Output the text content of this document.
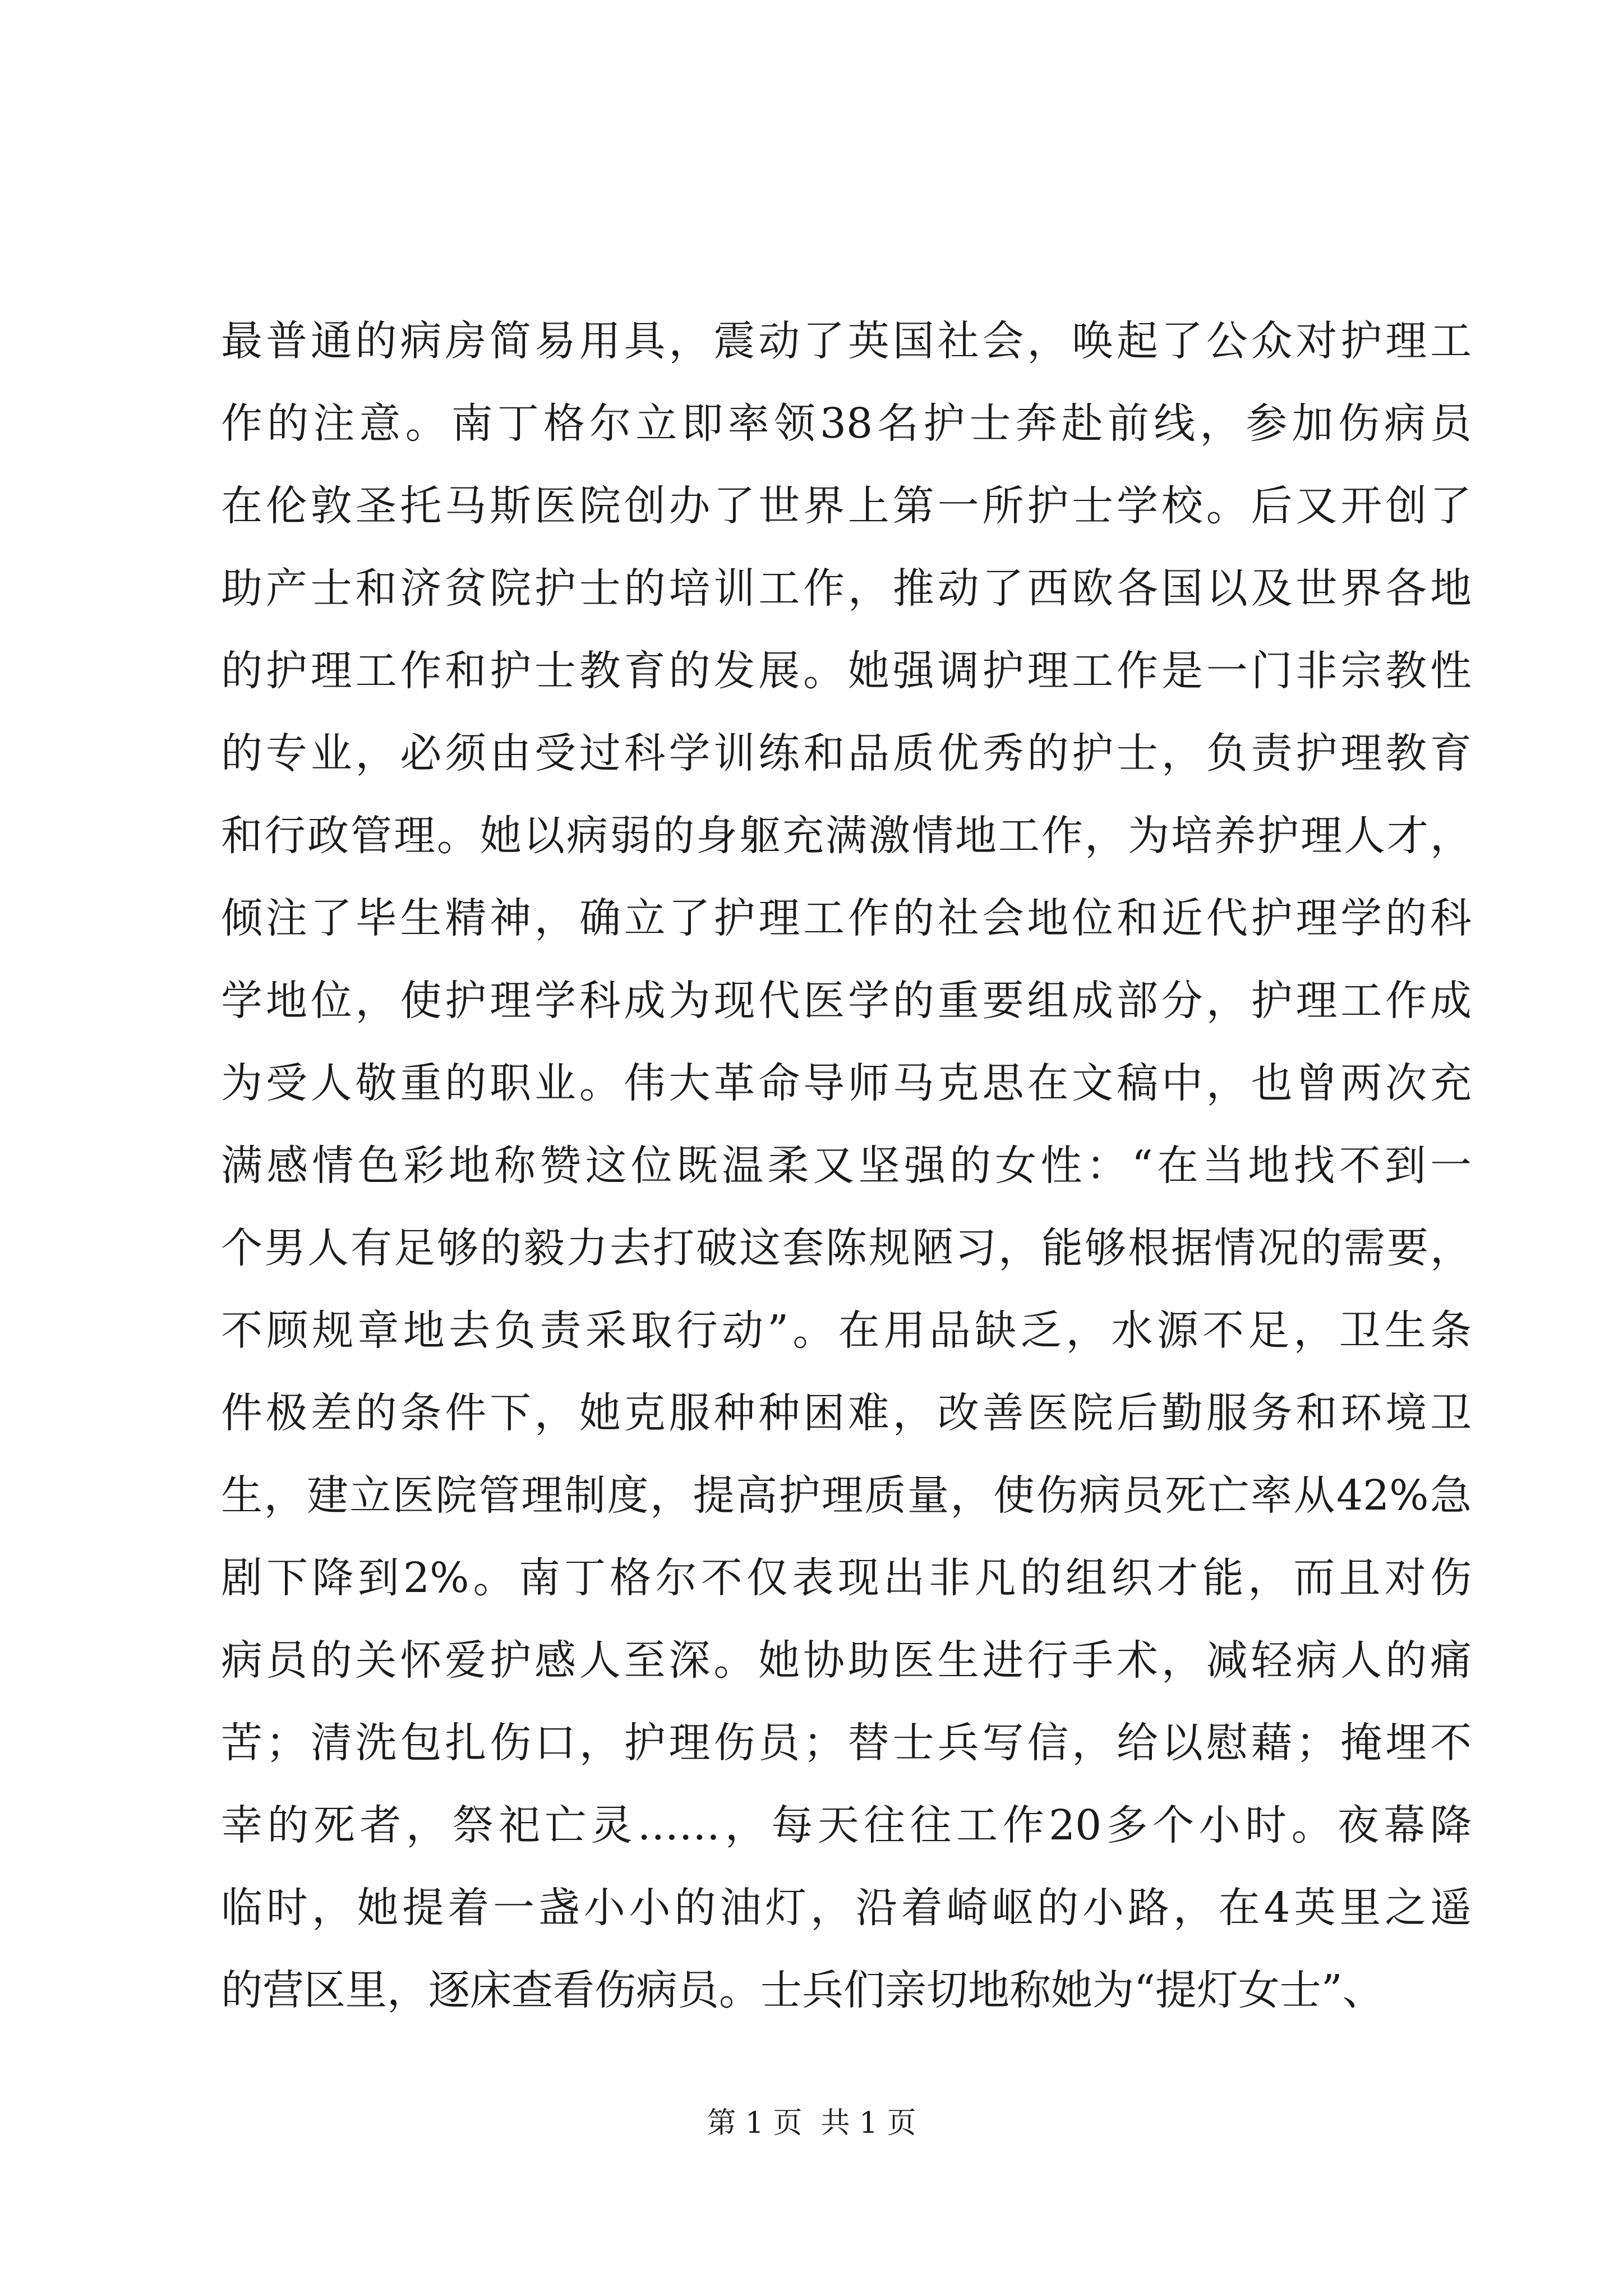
最普通的病房简易用具，震动了英国社会，唤起了公众对护理工
作的注意。南丁格尔立即率领38名护士奔赴前线，参加伤病员
在伦敦圣托马斯医院创办了世界上第一所护士学校。后又开创了
助产士和济贫院护士的培训工作，推动了西欧各国以及世界各地
的护理工作和护士教育的发展。她强调护理工作是一门非宗教性
的专业，必须由受过科学训练和品质优秀的护士，负责护理教育
和行政管理。她以病弱的身躯充满激情地工作，为培养护理人才，
倾注了毕生精神，确立了护理工作的社会地位和近代护理学的科
学地位，使护理学科成为现代医学的重要组成部分，护理工作成
为受人敬重的职业。伟大革命导师马克思在文稿中，也曾两次充
满感情色彩地称赞这位既温柔又坚强的女性：“在当地找不到一
个男人有足够的毅力去打破这套陈规陋习，能够根据情况的需要，
不顾规章地去负责采取行动”。在用品缺乏，水源不足，卫生条
件极差的条件下，她克服种种困难，改善医院后勤服务和环境卫
生，建立医院管理制度，提高护理质量，使伤病员死亡率从42%急
剧下降到2%。南丁格尔不仅表现出非凡的组织才能，而且对伤
病员的关怀爱护感人至深。她协助医生进行手术，减轻病人的痛
苦；清洗包扎伤口，护理伤员；替士兵写信，给以慰藉；掩埋不
幸的死者，祭祀亡灵……，每天往往工作20多个小时。夜幕降
临时，她提着一盏小小的油灯，沿着崎岖的小路，在4英里之遥
的营区里，逐床查看伤病员。士兵们亲切地称她为“提灯女士”、
第 1 页  共 1 页
